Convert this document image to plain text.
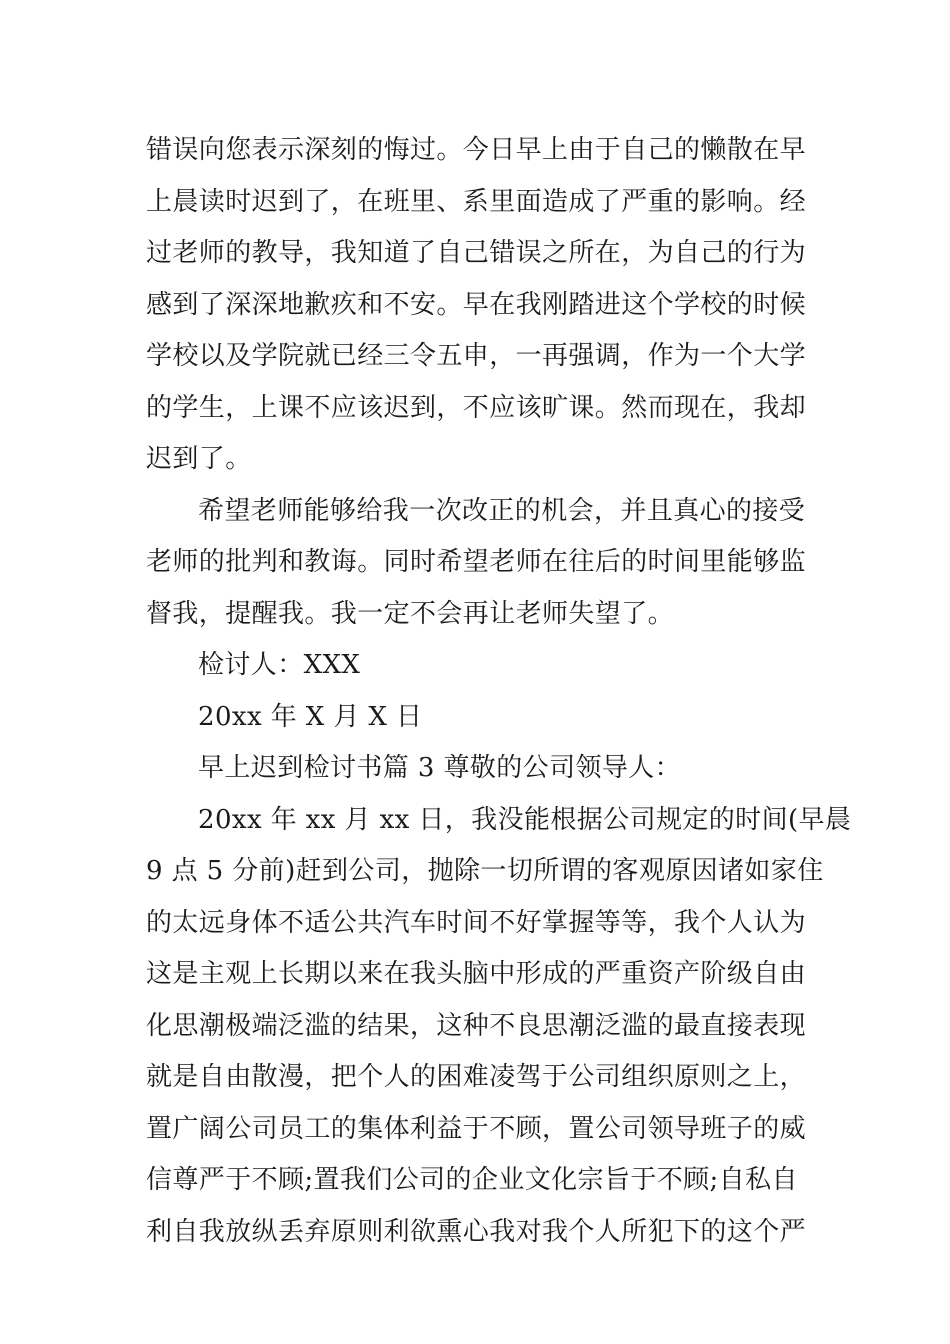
错误向您表示深刻的悔过。今日早上由于自己的懒散在早
上晨读时迟到了，在班里、系里面造成了严重的影响。经
过老师的教导，我知道了自己错误之所在，为自己的行为
感到了深深地歉疚和不安。早在我刚踏进这个学校的时候
学校以及学院就已经三令五申，一再强调，作为一个大学
的学生，上课不应该迟到，不应该旷课。然而现在，我却
迟到了。
希望老师能够给我一次改正的机会，并且真心的接受
老师的批判和教诲。同时希望老师在往后的时间里能够监
督我，提醒我。我一定不会再让老师失望了。
检讨人：XXX
20xx 年 X 月 X 日
早上迟到检讨书篇 3 尊敬的公司领导人：
20xx 年 xx 月 xx 日，我没能根据公司规定的时间(早晨
9 点 5 分前)赶到公司，抛除一切所谓的客观原因诸如家住
的太远身体不适公共汽车时间不好掌握等等，我个人认为
这是主观上长期以来在我头脑中形成的严重资产阶级自由
化思潮极端泛滥的结果，这种不良思潮泛滥的最直接表现
就是自由散漫，把个人的困难凌驾于公司组织原则之上，
置广阔公司员工的集体利益于不顾，置公司领导班子的威
信尊严于不顾;置我们公司的企业文化宗旨于不顾;自私自
利自我放纵丢弃原则利欲熏心我对我个人所犯下的这个严
